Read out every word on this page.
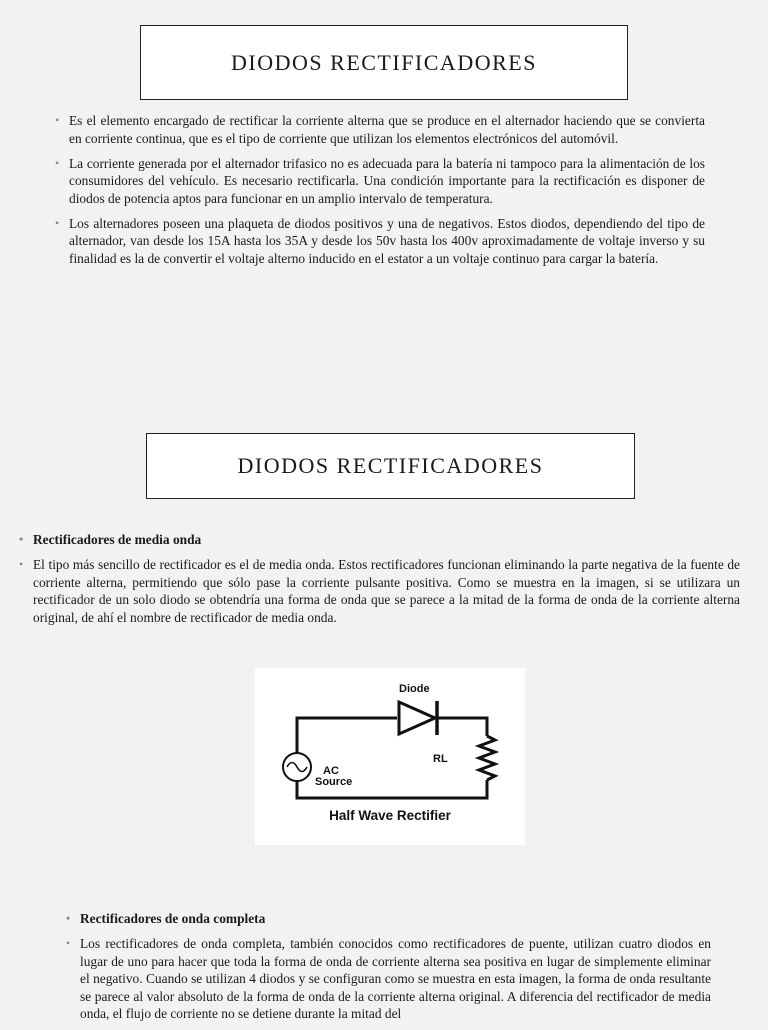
DIODOS RECTIFICADORES
• Es el elemento encargado de rectificar la corriente alterna que se produce en el alternador haciendo que se convierta en corriente continua, que es el tipo de corriente que utilizan los elementos electrónicos del automóvil.
• La corriente generada por el alternador trifasico no es adecuada para la batería ni tampoco para la alimentación de los consumidores del vehículo. Es necesario rectificarla. Una condición importante para la rectificación es disponer de diodos de potencia aptos para funcionar en un amplio intervalo de temperatura.
• Los alternadores poseen una plaqueta de diodos positivos y una de negativos. Estos diodos, dependiendo del tipo de alternador, van desde los 15A hasta los 35A y desde los 50v hasta los 400v aproximadamente de voltaje inverso y su finalidad es la de convertir el voltaje alterno inducido en el estator a un voltaje continuo para cargar la batería.
DIODOS RECTIFICADORES
• Rectificadores de media onda
• El tipo más sencillo de rectificador es el de media onda. Estos rectificadores funcionan eliminando la parte negativa de la fuente de corriente alterna, permitiendo que sólo pase la corriente pulsante positiva. Como se muestra en la imagen, si se utilizara un rectificador de un solo diodo se obtendría una forma de onda que se parece a la mitad de la forma de onda de la corriente alterna original, de ahí el nombre de rectificador de media onda.
Diode
RL
AC
Source
Half Wave Rectifier
• Rectificadores de onda completa
• Los rectificadores de onda completa, también conocidos como rectificadores de puente, utilizan cuatro diodos en lugar de uno para hacer que toda la forma de onda de corriente alterna sea positiva en lugar de simplemente eliminar el negativo. Cuando se utilizan 4 diodos y se configuran como se muestra en esta imagen, la forma de onda resultante se parece al valor absoluto de la forma de onda de la corriente alterna original. A diferencia del rectificador de media onda, el flujo de corriente no se detiene durante la mitad del
